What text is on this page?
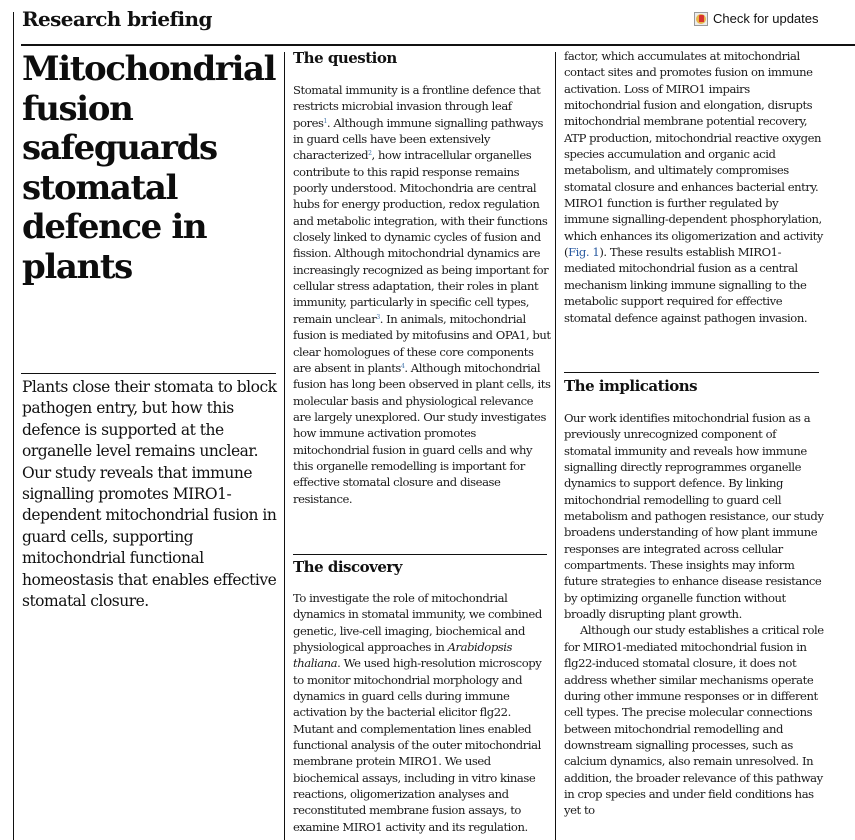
Research briefing	Check for updates
Mitochondrial fusion safeguards stomatal defence in plants
Plants close their stomata to block pathogen entry, but how this defence is supported at the organelle level remains unclear. Our study reveals that immune signalling promotes MIRO1-dependent mitochondrial fusion in guard cells, supporting mitochondrial functional homeostasis that enables effective stomatal closure.
The question

Stomatal immunity is a frontline defence that restricts microbial invasion through leaf pores$^1$. Although immune signalling pathways in guard cells have been extensively characterized$^2$, how intracellular organelles contribute to this rapid response remains poorly understood. Mitochondria are central hubs for energy production, redox regulation and metabolic integration, with their functions closely linked to dynamic cycles of fusion and fission. Although mitochondrial dynamics are increasingly recognized as being important for cellular stress adaptation, their roles in plant immunity, particularly in specific cell types, remain unclear$^3$. In animals, mitochondrial fusion is mediated by mitofusins and OPA1, but clear homologues of these core components are absent in plants$^4$. Although mitochondrial fusion has long been observed in plant cells, its molecular basis and physiological relevance are largely unexplored. Our study investigates how immune activation promotes mitochondrial fusion in guard cells and why this organelle remodelling is important for effective stomatal closure and disease resistance.

The discovery

To investigate the role of mitochondrial dynamics in stomatal immunity, we combined genetic, live-cell imaging, biochemical and physiological approaches in Arabidopsis thaliana. We used high-resolution microscopy to monitor mitochondrial morphology and dynamics in guard cells during immune activation by the bacterial elicitor flg22. Mutant and complementation lines enabled functional analysis of the outer mitochondrial membrane protein MIRO1. We used biochemical assays, including in vitro kinase reactions, oligomerization analyses and reconstituted membrane fusion assays, to examine MIRO1 activity and its regulation.

factor, which accumulates at mitochondrial contact sites and promotes fusion on immune activation. Loss of MIRO1 impairs mitochondrial fusion and elongation, disrupts mitochondrial membrane potential recovery, ATP production, mitochondrial reactive oxygen species accumulation and organic acid metabolism, and ultimately compromises stomatal closure and enhances bacterial entry. MIRO1 function is further regulated by immune signalling-dependent phosphorylation, which enhances its oligomerization and activity (Fig. 1). These results establish MIRO1-mediated mitochondrial fusion as a central mechanism linking immune signalling to the metabolic support required for effective stomatal defence against pathogen invasion.

The implications

Our work identifies mitochondrial fusion as a previously unrecognized component of stomatal immunity and reveals how immune signalling directly reprogrammes organelle dynamics to support defence. By linking mitochondrial remodelling to guard cell metabolism and pathogen resistance, our study broadens understanding of how plant immune responses are integrated across cellular compartments. These insights may inform future strategies to enhance disease resistance by optimizing organelle function without broadly disrupting plant growth.

Although our study establishes a critical role for MIRO1-mediated mitochondrial fusion in flg22-induced stomatal closure, it does not address whether similar mechanisms operate during other immune responses or in different cell types. The precise molecular connections between mitochondrial remodelling and downstream signalling processes, such as calcium dynamics, also remain unresolved. In addition, the broader relevance of this pathway in crop species and under field conditions has yet to
